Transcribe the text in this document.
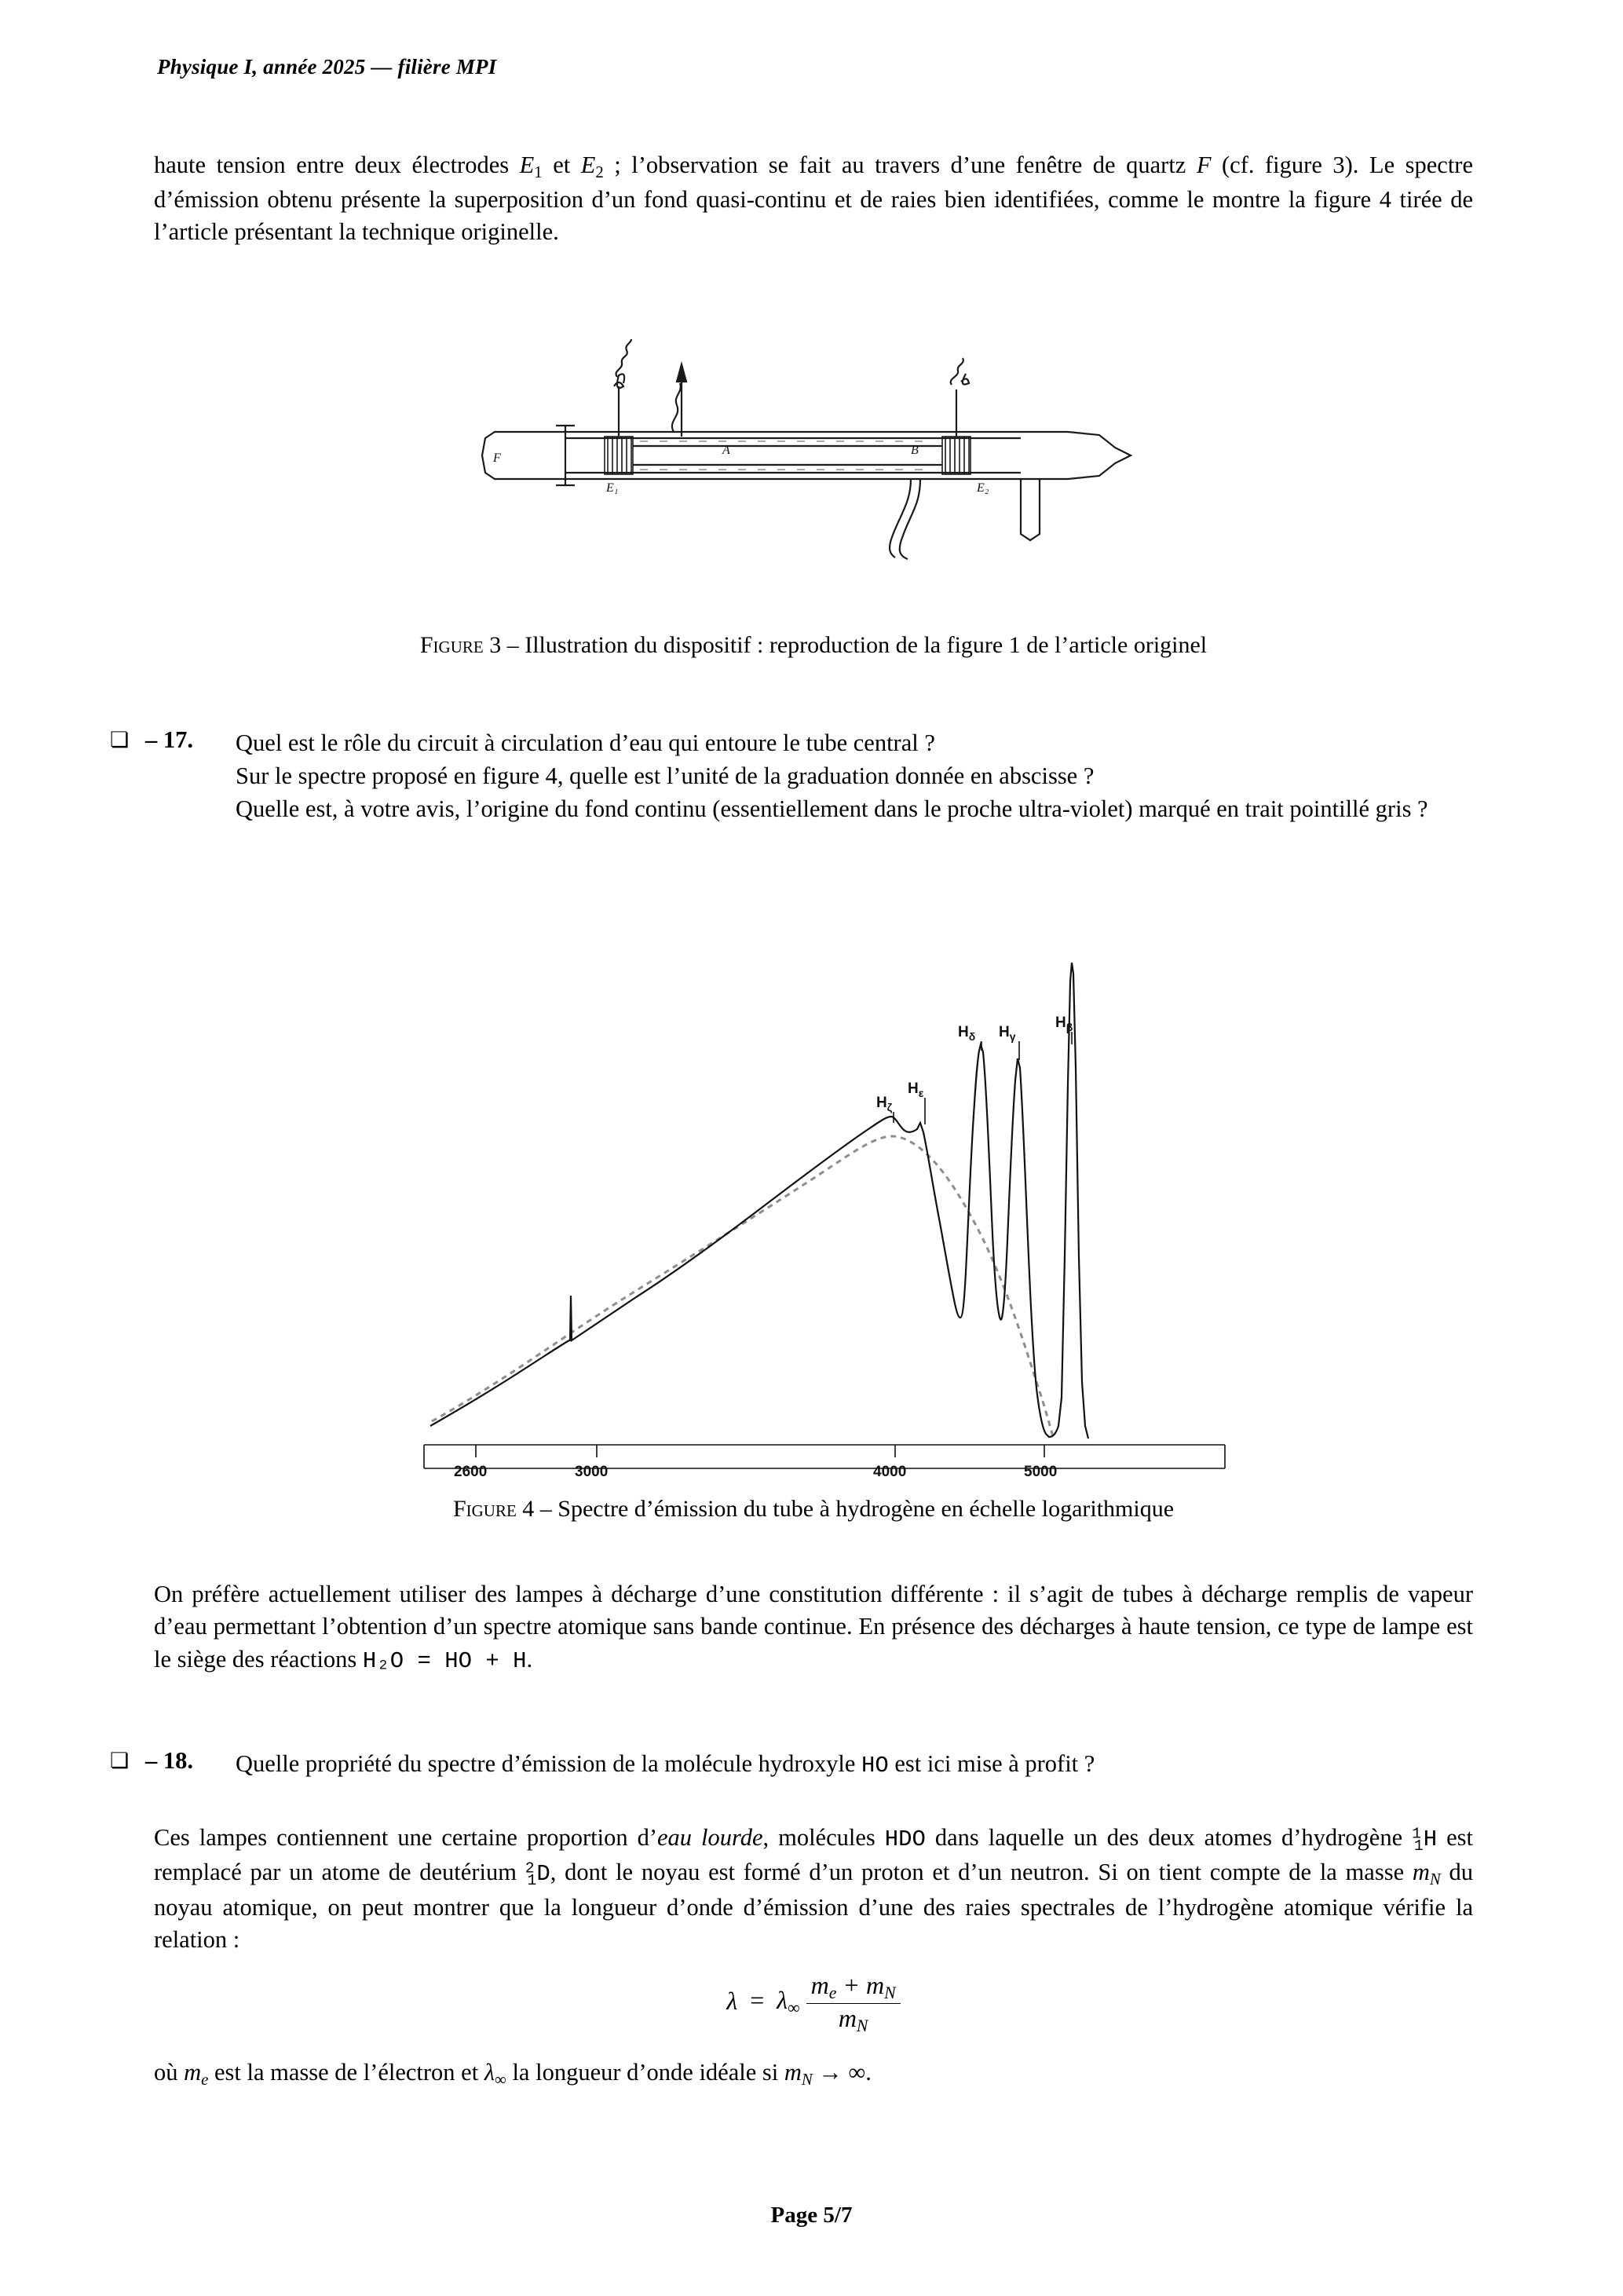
Physique I, année 2025 — filière MPI

haute tension entre deux électrodes $E_1$ et $E_2$ ; l’observation se fait au travers d’une fenêtre de quartz F (cf. figure 3). Le spectre d’émission obtenu présente la superposition d’un fond quasi-continu et de raies bien identifiées, comme le montre la figure 4 tirée de l’article présentant la technique originelle.

F
E₁
A	B
E₂
Figure 3 – Illustration du dispositif : reproduction de la figure 1 de l’article originel
❏ – 17. Quel est le rôle du circuit à circulation d’eau qui entoure le tube central ?
Sur le spectre proposé en figure 4, quelle est l’unité de la graduation donnée en abscisse ?
Quelle est, à votre avis, l’origine du fond continu (essentiellement dans le proche ultra-violet) marqué en trait pointillé gris ?
2600	3000	4000	5000
$H_\zeta$
$H_\varepsilon$
$H_\delta$ $H_\gamma$
$H_\beta$
Figure 4 – Spectre d’émission du tube à hydrogène en échelle logarithmique

On préfère actuellement utiliser des lampes à décharge d’une constitution différente : il s’agit de tubes à décharge remplis de vapeur d’eau permettant l’obtention d’un spectre atomique sans bande continue. En présence des décharges à haute tension, ce type de lampe est le siège des réactions H₂O = HO + H.

❏ – 18. Quelle propriété du spectre d’émission de la molécule hydroxyle HO est ici mise à profit ?

Ces lampes contiennent une certaine proportion d’eau lourde, molécules HDO dans laquelle un des deux atomes d’hydrogène $^1_1$H est remplacé par un atome de deutérium $^2_1$D, dont le noyau est formé d’un proton et d’un neutron. Si on tient compte de la masse $m_N$ du noyau atomique, on peut montrer que la longueur d’onde d’émission d’une des raies spectrales de l’hydrogène atomique vérifie la relation :

$\lambda = \lambda_\infty \frac{m_e + m_N}{m_N}$

où $m_e$ est la masse de l’électron et $\lambda_\infty$ la longueur d’onde idéale si $m_N$ → ∞.

Page 5/7
